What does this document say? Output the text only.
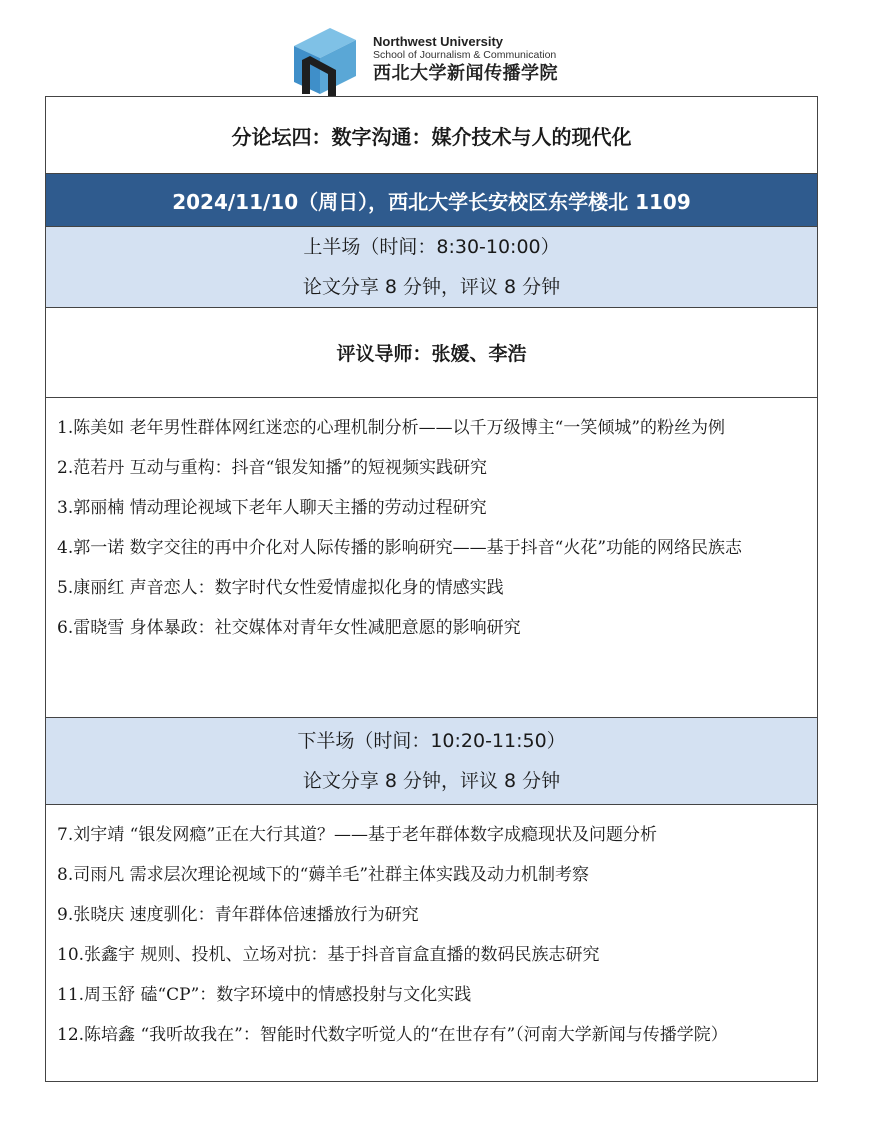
Northwest University
School of Journalism & Communication
西北大学新闻传播学院
分论坛四：数字沟通：媒介技术与人的现代化
2024/11/10（周日），西北大学长安校区东学楼北 1109
上半场（时间：8:30-10:00）
论文分享 8 分钟，评议 8 分钟
评议导师：张媛、李浩
1.陈美如 老年男性群体网红迷恋的心理机制分析——以千万级博主“一笑倾城”的粉丝为例
2.范若丹 互动与重构：抖音“银发知播”的短视频实践研究
3.郭丽楠 情动理论视域下老年人聊天主播的劳动过程研究
4.郭一诺 数字交往的再中介化对人际传播的影响研究——基于抖音“火花”功能的网络民族志
5.康丽红 声音恋人：数字时代女性爱情虚拟化身的情感实践
6.雷晓雪 身体暴政：社交媒体对青年女性减肥意愿的影响研究
下半场（时间：10:20-11:50）
论文分享 8 分钟，评议 8 分钟
7.刘宇靖 “银发网瘾”正在大行其道？——基于老年群体数字成瘾现状及问题分析
8.司雨凡 需求层次理论视域下的“薅羊毛”社群主体实践及动力机制考察
9.张晓庆 速度驯化：青年群体倍速播放行为研究
10.张鑫宇 规则、投机、立场对抗：基于抖音盲盒直播的数码民族志研究
11.周玉舒 磕“CP”：数字环境中的情感投射与文化实践
12.陈培鑫 “我听故我在”：智能时代数字听觉人的“在世存有”（河南大学新闻与传播学院）
